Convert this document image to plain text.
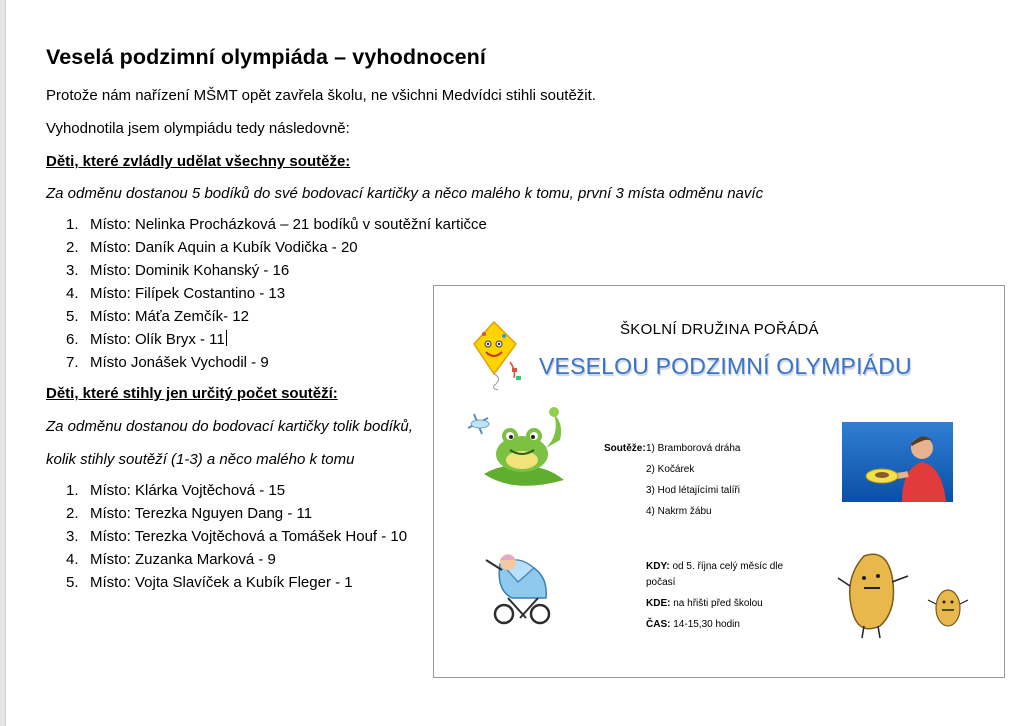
Veselá podzimní olympiáda – vyhodnocení
Protože nám nařízení MŠMT opět zavřela školu, ne všichni Medvídci stihli soutěžit.
Vyhodnotila jsem olympiádu tedy následovně:
Děti, které zvládly udělat všechny soutěže:
Za odměnu dostanou 5 bodíků do své bodovací kartičky a něco malého k tomu, první 3 místa odměnu navíc
1. Místo: Nelinka Procházková – 21 bodíků v soutěžní kartičce
2. Místo: Daník Aquin a Kubík Vodička - 20
3. Místo: Dominik Kohanský - 16
4. Místo: Filípek Costantino - 13
5. Místo: Máťa Zemčík- 12
6. Místo: Olík Bryx - 11
7. Místo Jonášek Vychodil - 9
Děti, které stihly jen určitý počet soutěží:
Za odměnu dostanou do bodovací kartičky tolik bodíků,
kolik stihly soutěží (1-3) a něco malého k tomu
1. Místo: Klárka Vojtěchová - 15
2. Místo: Terezka Nguyen Dang - 11
3. Místo: Terezka Vojtěchová a Tomášek Houf - 10
4. Místo: Zuzanka Marková - 9
5. Místo: Vojta Slavíček a Kubík Fleger - 1
ŠKOLNÍ DRUŽINA POŘÁDÁ
VESELOU PODZIMNÍ OLYMPIÁDU
Soutěže: 1) Bramborová dráha
2) Kočárek
3) Hod létajícími talíři
4) Nakrm žábu
KDY: od 5. října celý měsíc dle
počasí
KDE: na hřišti před školou
ČAS: 14-15,30 hodin
